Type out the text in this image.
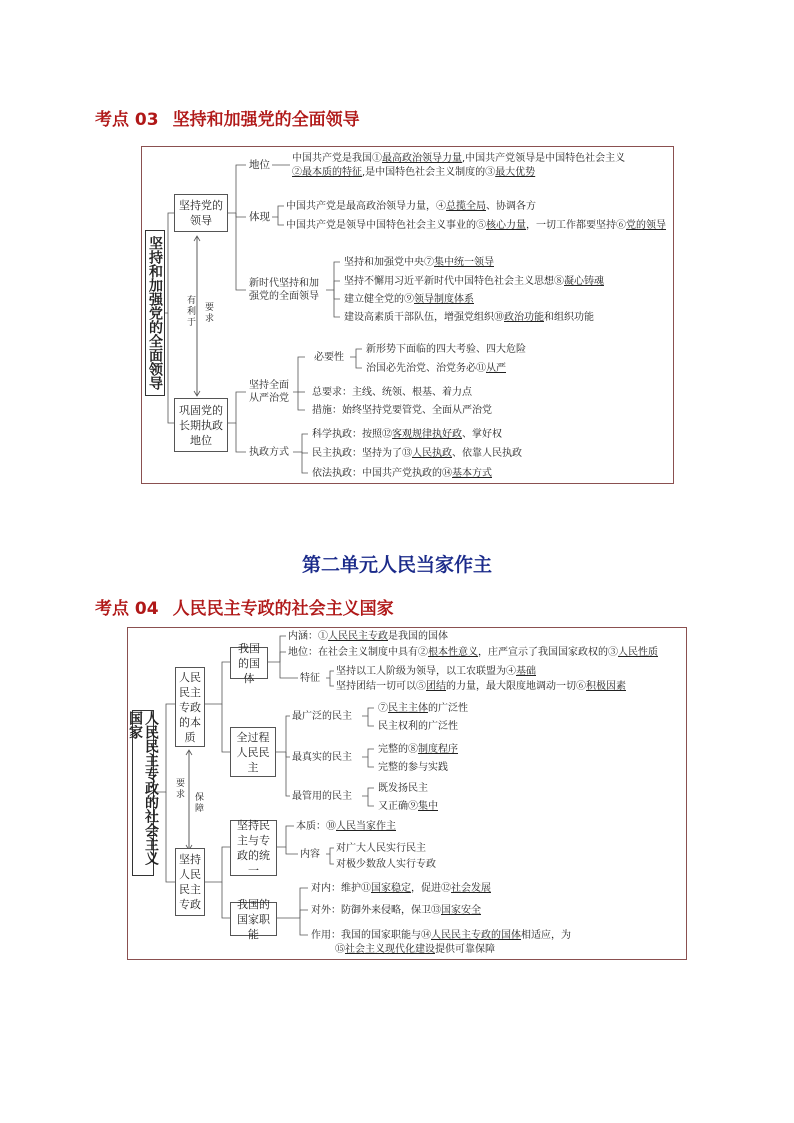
考点 03 坚持和加强党的全面领导
坚持和加强党的全面领导
坚持党的领导
巩固党的长期执政地位
有利于 要求
地位
中国共产党是我国①最高政治领导力量,中国共产党领导是中国特色社会主义
②最本质的特征,是中国特色社会主义制度的③最大优势
体现
中国共产党是最高政治领导力量，④总揽全局、协调各方
中国共产党是领导中国特色社会主义事业的⑤核心力量，一切工作都要坚持⑥党的领导
新时代坚持和加
强党的全面领导
坚持和加强党中央⑦集中统一领导
坚持不懈用习近平新时代中国特色社会主义思想⑧凝心铸魂
建立健全党的⑨领导制度体系
建设高素质干部队伍，增强党组织⑩政治功能和组织功能
坚持全面
从严治党
必要性
新形势下面临的四大考验、四大危险
治国必先治党、治党务必⑪从严
总要求：主线、统领、根基、着力点
措施：始终坚持党要管党、全面从严治党
执政方式
科学执政：按照⑫客观规律执好政、掌好权
民主执政：坚持为了⑬人民执政、依靠人民执政
依法执政：中国共产党执政的⑭基本方式
第二单元人民当家作主
考点 04 人民民主专政的社会主义国家
人民民主专政的社会主义国家
人民民主专政的本质
坚持人民民主专政
要求
保障
我国的国体
内涵：①人民民主专政是我国的国体
地位：在社会主义制度中具有②根本性意义，庄严宣示了我国国家政权的③人民性质
特征
坚持以工人阶级为领导，以工农联盟为④基础
坚持团结一切可以⑤团结的力量，最大限度地调动一切⑥积极因素
全过程人民民主
最广泛的民主
⑦民主主体的广泛性
民主权利的广泛性
最真实的民主
完整的⑧制度程序
完整的参与实践
最管用的民主
既发扬民主
又正确⑨集中
坚持民主与专政的统一
本质：⑩人民当家作主
内容
对广大人民实行民主
对极少数敌人实行专政
我国的国家职能
对内：维护⑪国家稳定，促进⑫社会发展
对外：防御外来侵略，保卫⑬国家安全
作用：我国的国家职能与⑭人民民主专政的国体相适应，为
⑮社会主义现代化建设提供可靠保障
